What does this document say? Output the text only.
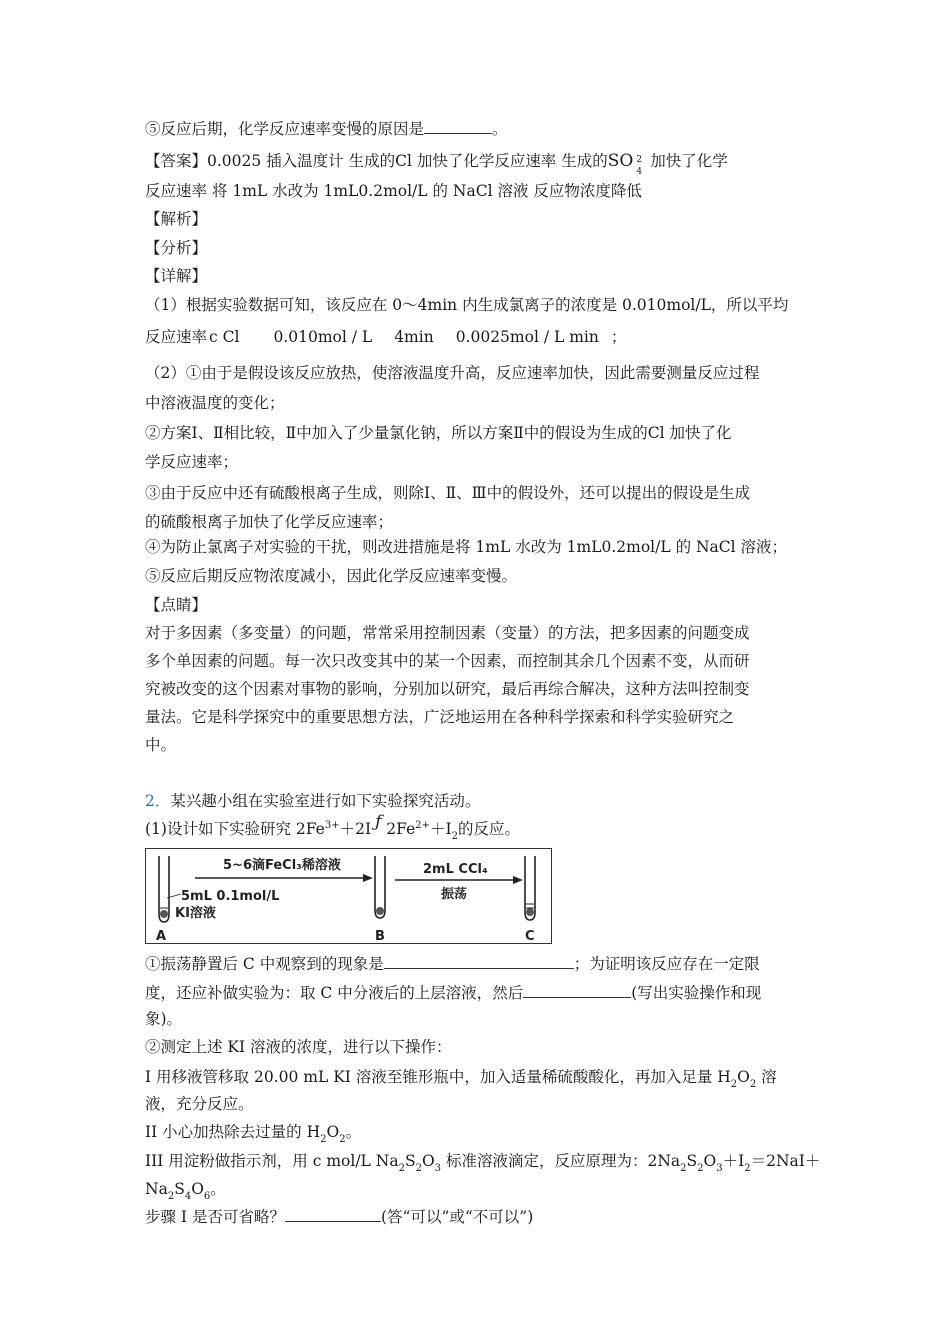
⑤反应后期，化学反应速率变慢的原因是	。
【答案】0.0025 插入温度计 生成的Cl 加快了化学反应速率 生成的SO 2
4
加快了化学
反应速率 将 1mL 水改为 1mL0.2mol/L 的 NaCl 溶液 反应物浓度降低
【解析】
【分析】
【详解】
（1）根据实验数据可知，该反应在 0～4min 内生成氯离子的浓度是 0.010mol/L，所以平均
反应速率 c Cl 0.010mol / L 4min 0.0025mol / L min ；
（2）①由于是假设该反应放热，使溶液温度升高，反应速率加快，因此需要测量反应过程
中溶液温度的变化；
②方案Ⅰ、Ⅱ相比较，Ⅱ中加入了少量氯化钠，所以方案Ⅱ中的假设为生成的Cl 加快了化
学反应速率；
③由于反应中还有硫酸根离子生成，则除Ⅰ、Ⅱ、Ⅲ中的假设外，还可以提出的假设是生成
的硫酸根离子加快了化学反应速率；
④为防止氯离子对实验的干扰，则改进措施是将 1mL 水改为 1mL0.2mol/L 的 NaCl 溶液；
⑤反应后期反应物浓度减小，因此化学反应速率变慢。
【点睛】
对于多因素（多变量）的问题，常常采用控制因素（变量）的方法，把多因素的问题变成
多个单因素的问题。每一次只改变其中的某一个因素，而控制其余几个因素不变，从而研
究被改变的这个因素对事物的影响，分别加以研究，最后再综合解决，这种方法叫控制变
量法。它是科学探究中的重要思想方法，广泛地运用在各种科学探索和科学实验研究之
中。
2．某兴趣小组在实验室进行如下实验探究活动。
(1)设计如下实验研究 $2Fe^{3+}+2I$ ƒ $2Fe^{2+}+I_2$的反应。
5mL 0.1mol/L
KI溶液
A
5~6滴FeCl₃稀溶液
B
2mL CCl₄
振荡
C
①振荡静置后 C 中观察到的现象是	；为证明该反应存在一定限
度，还应补做实验为：取 C 中分液后的上层溶液，然后	(写出实验操作和现
象)。
②测定上述 KI 溶液的浓度，进行以下操作：
I 用移液管移取 20.00 mL KI 溶液至锥形瓶中，加入适量稀硫酸酸化，再加入足量 $H_2O_2$ 溶
液，充分反应。
II 小心加热除去过量的 $H_2O_2$。
III 用淀粉做指示剂，用 c mol/L $Na_2S_2O_3$ 标准溶液滴定，反应原理为：$2Na_2S_2O_3+I_2=2NaI+$
$Na_2S_4O_6$。
步骤 I 是否可省略？	(答“可以”或“不可以”)
